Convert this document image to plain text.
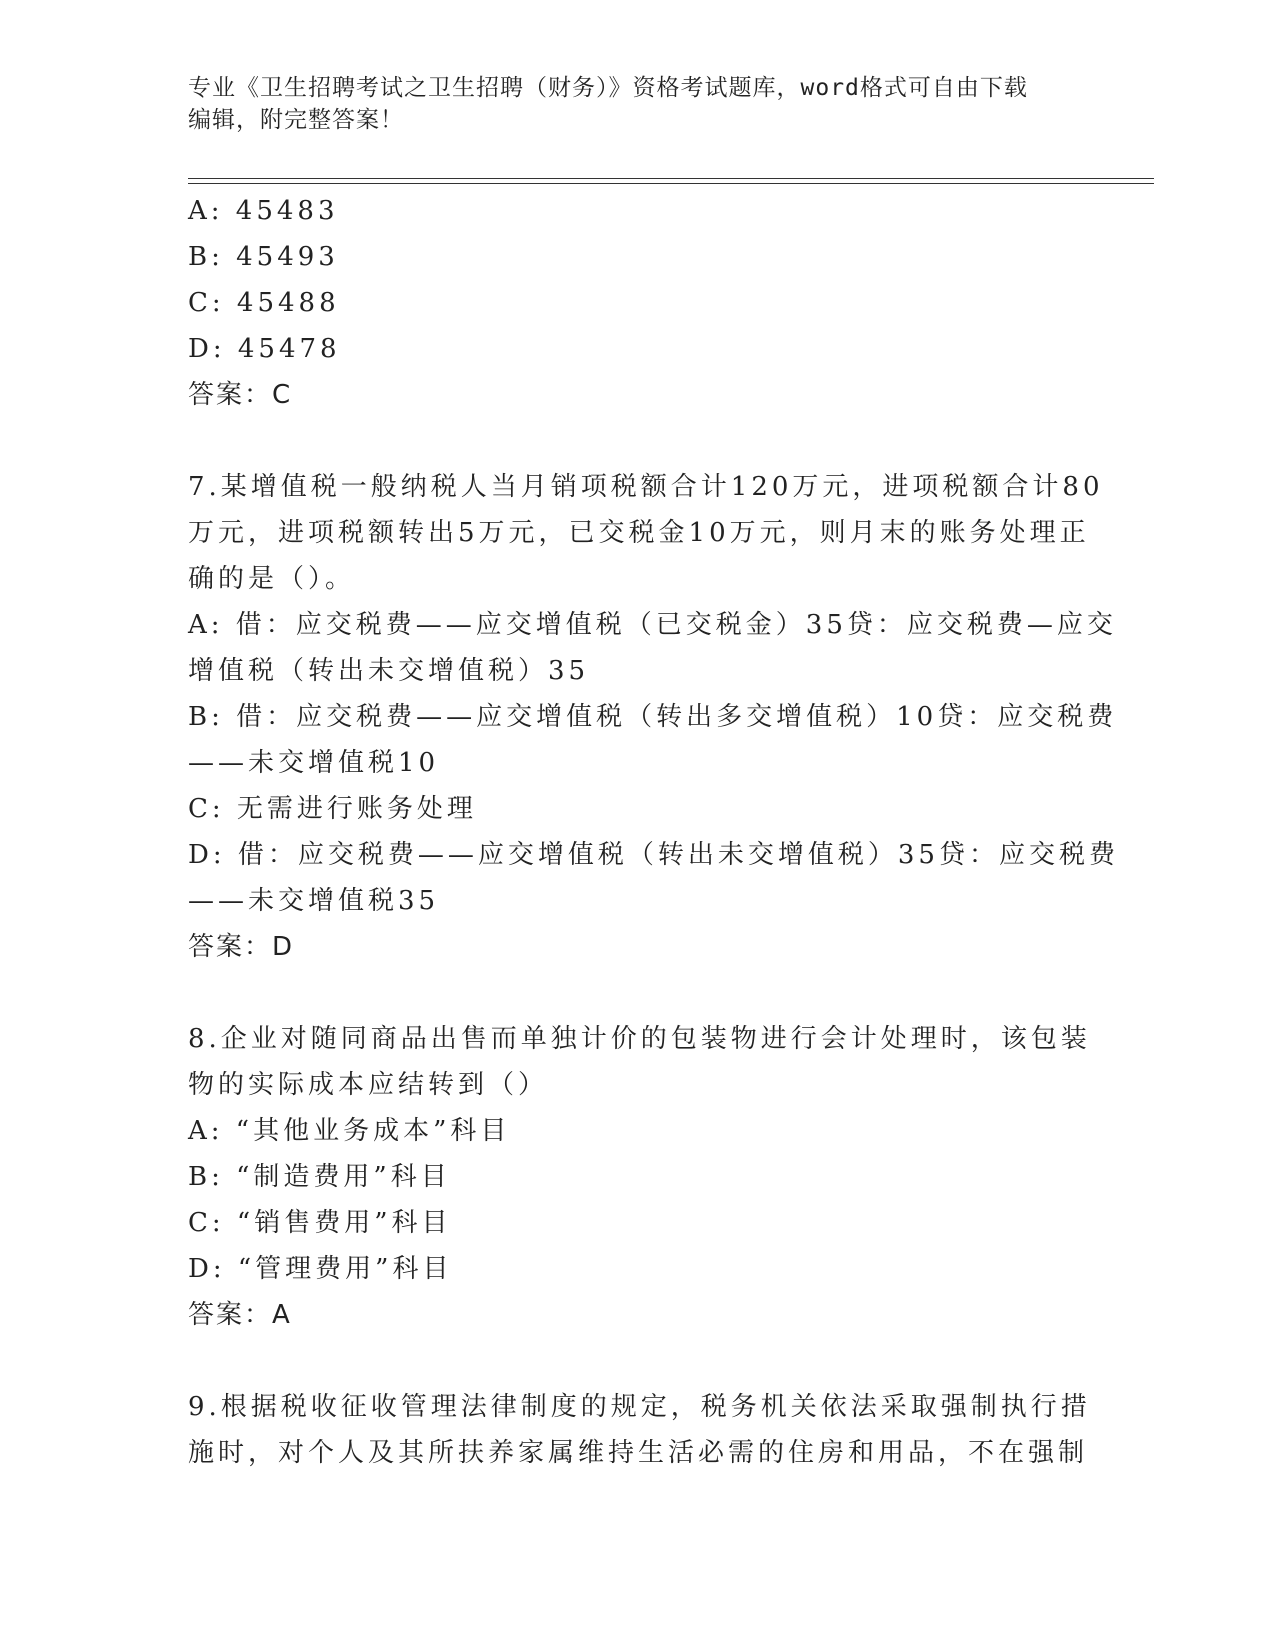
专业《卫生招聘考试之卫生招聘（财务）》资格考试题库，word格式可自由下载
编辑，附完整答案！
A: 45483
B: 45493
C: 45488
D: 45478
答案：C
7.某增值税一般纳税人当月销项税额合计120万元，进项税额合计80
万元，进项税额转出5万元，已交税金10万元，则月末的账务处理正
确的是（）。
A: 借：应交税费——应交增值税（已交税金）35贷：应交税费—应交
增值税（转出未交增值税）35
B: 借：应交税费——应交增值税（转出多交增值税）10贷：应交税费
——未交增值税10
C: 无需进行账务处理
D: 借：应交税费——应交增值税（转出未交增值税）35贷：应交税费
——未交增值税35
答案：D
8.企业对随同商品出售而单独计价的包装物进行会计处理时，该包装
物的实际成本应结转到（）
A: “其他业务成本”科目
B: “制造费用”科目
C: “销售费用”科目
D: “管理费用”科目
答案：A
9.根据税收征收管理法律制度的规定，税务机关依法采取强制执行措
施时，对个人及其所扶养家属维持生活必需的住房和用品，不在强制
